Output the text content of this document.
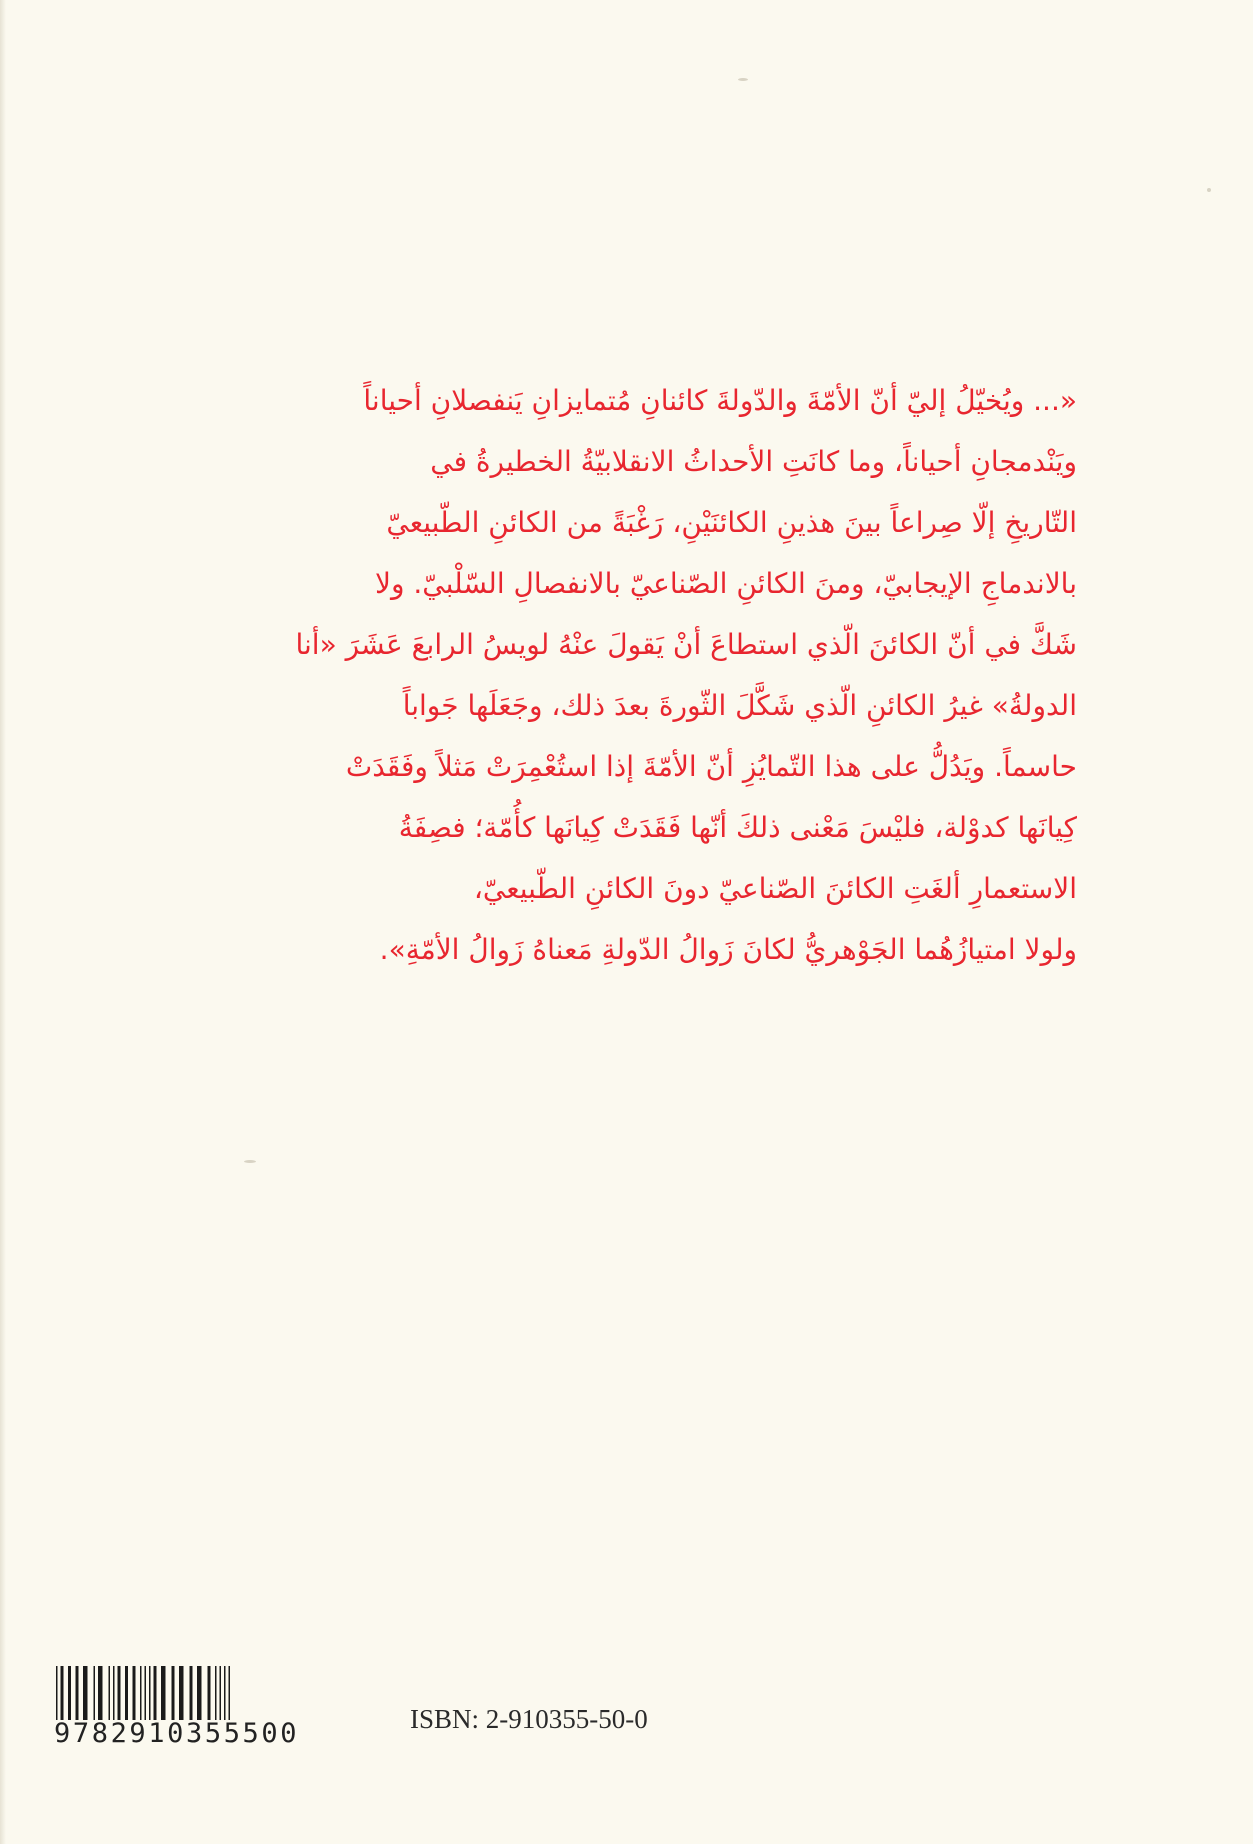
«... ويُخيّلُ إليّ أنّ الأمّةَ والدّولةَ كائنانِ مُتمايزانِ يَنفصلانِ أحياناً
ويَنْدمجانِ أحياناً، وما كانَتِ الأحداثُ الانقلابيّةُ الخطيرةُ في
التّاريخِ إلّا صِراعاً بينَ هذينِ الكائنَيْنِ، رَغْبَةً من الكائنِ الطّبيعيّ
بالاندماجِ الإيجابيّ، ومنَ الكائنِ الصّناعيّ بالانفصالِ السّلْبيّ. ولا
شَكَّ في أنّ الكائنَ الّذي استطاعَ أنْ يَقولَ عنْهُ لويسُ الرابعَ عَشَرَ «أنا
الدولةُ» غيرُ الكائنِ الّذي شَكَّلَ الثّورةَ بعدَ ذلك، وجَعَلَها جَواباً
حاسماً. ويَدُلُّ على هذا التّمايُزِ أنّ الأمّةَ إذا استُعْمِرَتْ مَثلاً وفَقَدَتْ
كِيانَها كدوْلة، فليْسَ مَعْنى ذلكَ أنّها فَقَدَتْ كِيانَها كأُمّة؛ فصِفَةُ
الاستعمارِ ألغَتِ الكائنَ الصّناعيّ دونَ الكائنِ الطّبيعيّ،
ولولا امتيازُهُما الجَوْهريُّ لكانَ زَوالُ الدّولةِ مَعناهُ زَوالُ الأمّةِ».
9782910355500	ISBN: 2-910355-50-0
